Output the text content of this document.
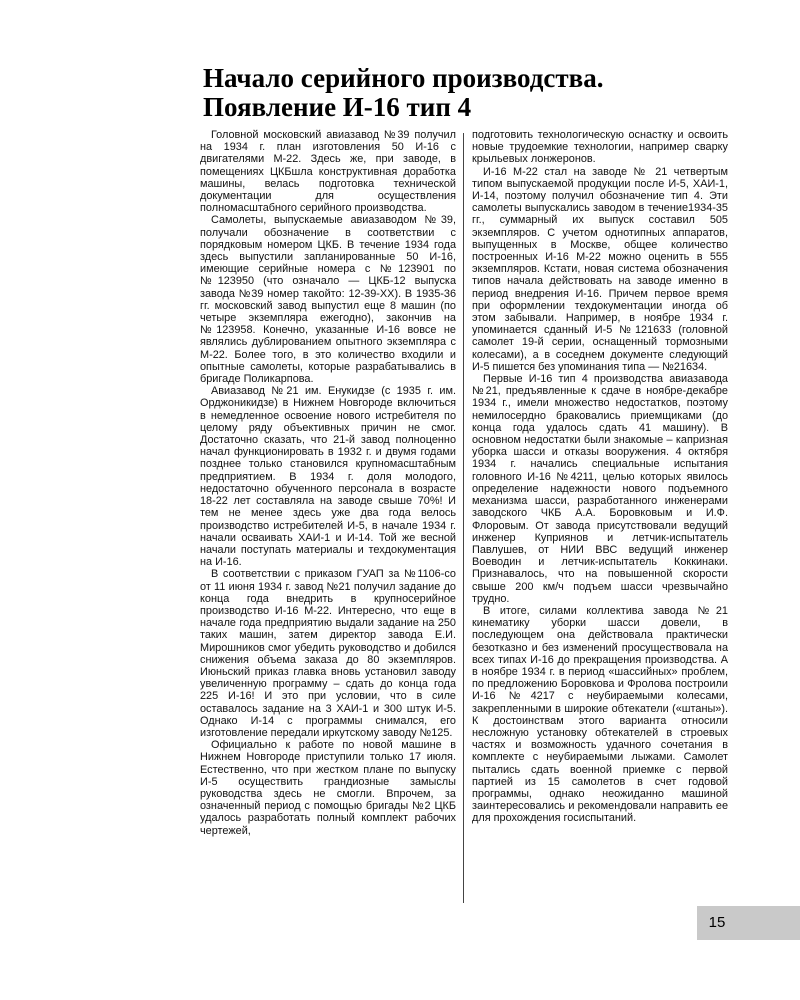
Начало серийного производства.
Появление И-16 тип 4

Головной московский авиазавод №39 получил на 1934 г. план изготовления 50 И-16 с двигателями М-22. Здесь же, при заводе, в помещениях ЦКБшла конструктивная доработка машины, велась подготовка технической документации для осуществления полномасштабного серийного производства.

Самолеты, выпускаемые авиазаводом №39, получали обозначение в соответствии с порядковым номером ЦКБ. В течение 1934 года здесь выпустили запланированные 50 И-16, имеющие серийные номера с №123901 по №123950 (что означало — ЦКБ-12 выпуска завода №39 номер такойто: 12-39-XX). В 1935-36 гг. московский завод выпустил еще 8 машин (по четыре экземпляра ежегодно), закончив на №123958. Конечно, указанные И-16 вовсе не являлись дублированием опытного экземпляра с М-22. Более того, в это количество входили и опытные самолеты, которые разрабатывались в бригаде Поликарпова.

Авиазавод №21 им. Енукидзе (с 1935 г. им. Орджоникидзе) в Нижнем Новгороде включиться в немедленное освоение нового истребителя по целому ряду объективных причин не смог. Достаточно сказать, что 21-й завод полноценно начал функционировать в 1932 г. и двумя годами позднее только становился крупномасштабным предприятием. В 1934 г. доля молодого, недостаточно обученного персонала в возрасте 18-22 лет составляла на заводе свыше 70%! И тем не менее здесь уже два года велось производство истребителей И-5, в начале 1934 г. начали осваивать ХАИ-1 и И-14. Той же весной начали поступать материалы и техдокументация на И-16.

В соответствии с приказом ГУАП за №1106-со от 11 июня 1934 г. завод №21 получил задание до конца года внедрить в крупносерийное производство И-16 М-22. Интересно, что еще в начале года предприятию выдали задание на 250 таких машин, затем директор завода Е.И. Мирошников смог убедить руководство и добился снижения объема заказа до 80 экземпляров. Июньский приказ главка вновь установил заводу увеличенную программу – сдать до конца года 225 И-16! И это при условии, что в силе оставалось задание на 3 ХАИ-1 и 300 штук И-5. Однако И-14 с программы снимался, его изготовление передали иркутскому заводу №125.

Официально к работе по новой машине в Нижнем Новгороде приступили только 17 июля. Естественно, что при жестком плане по выпуску И-5 осуществить грандиозные замыслы руководства здесь не смогли. Впрочем, за означенный период с помощью бригады №2 ЦКБ удалось разработать полный комплект рабочих чертежей,

подготовить технологическую оснастку и освоить новые трудоемкие технологии, например сварку крыльевых лонжеронов.

И-16 М-22 стал на заводе № 21 четвертым типом выпускаемой продукции после И-5, ХАИ-1, И-14, поэтому получил обозначение тип 4. Эти самолеты выпускались заводом в течение1934-35 гг., суммарный их выпуск составил 505 экземпляров. С учетом однотипных аппаратов, выпущенных в Москве, общее количество построенных И-16 М-22 можно оценить в 555 экземпляров. Кстати, новая система обозначения типов начала действовать на заводе именно в период внедрения И-16. Причем первое время при оформлении техдокументации иногда об этом забывали. Например, в ноябре 1934 г. упоминается сданный И-5 №121633 (головной самолет 19-й серии, оснащенный тормозными колесами), а в соседнем документе следующий И-5 пишется без упоминания типа — №21634.

Первые И-16 тип 4 производства авиазавода №21, предъявленные к сдаче в ноябре-декабре 1934 г., имели множество недостатков, поэтому немилосердно браковались приемщиками (до конца года удалось сдать 41 машину). В основном недостатки были знакомые – капризная уборка шасси и отказы вооружения. 4 октября 1934 г. начались специальные испытания головного И-16 №4211, целью которых явилось определение надежности нового подъемного механизма шасси, разработанного инженерами заводского ЧКБ А.А. Боровковым и И.Ф. Флоровым. От завода присутствовали ведущий инженер Куприянов и летчик-испытатель Павлушев, от НИИ ВВС ведущий инженер Воеводин и летчик-испытатель Коккинаки. Признавалось, что на повышенной скорости свыше 200 км/ч подъем шасси чрезвычайно трудно.

В итоге, силами коллектива завода №21 кинематику уборки шасси довели, в последующем она действовала практически безотказно и без изменений просуществовала на всех типах И-16 до прекращения производства. А в ноябре 1934 г. в период «шассийных» проблем, по предложению Боровкова и Фролова построили И-16 №4217 с неубираемыми колесами, закрепленными в широкие обтекатели («штаны»). К достоинствам этого варианта относили несложную установку обтекателей в строевых частях и возможность удачного сочетания в комплекте с неубираемыми лыжами. Самолет пытались сдать военной приемке с первой партией из 15 самолетов в счет годовой программы, однако неожиданно машиной заинтересовались и рекомендовали направить ее для прохождения госиспытаний.

15
